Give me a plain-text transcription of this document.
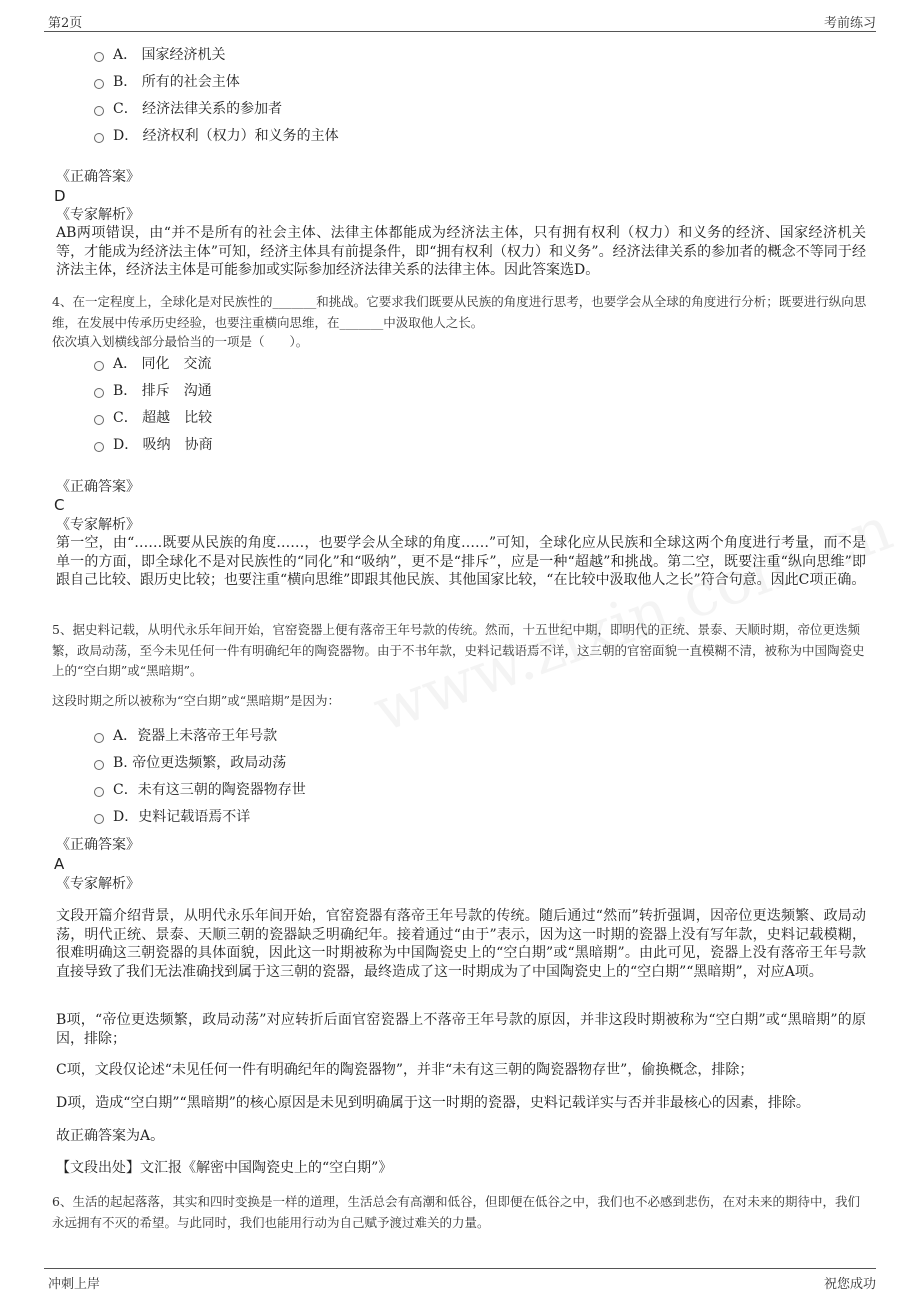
第2页	考前练习
A． 国家经济机关
B． 所有的社会主体
C． 经济法律关系的参加者
D． 经济权利（权力）和义务的主体
《正确答案》
D
《专家解析》
AB两项错误，由“并不是所有的社会主体、法律主体都能成为经济法主体，只有拥有权利（权力）和义务的经济、国家经济机关等，才能成为经济法主体”可知，经济主体具有前提条件，即“拥有权利（权力）和义务”。经济法律关系的参加者的概念不等同于经济法主体，经济法主体是可能参加或实际参加经济法律关系的法律主体。因此答案选D。
4、在一定程度上，全球化是对民族性的_______和挑战。它要求我们既要从民族的角度进行思考，也要学会从全球的角度进行分析；既要进行纵向思维，在发展中传承历史经验，也要注重横向思维，在_______中汲取他人之长。
依次填入划横线部分最恰当的一项是（　　）。
A． 同化　交流
B． 排斥　沟通
C． 超越　比较
D． 吸纳　协商
《正确答案》
C
《专家解析》
第一空，由“……既要从民族的角度……，也要学会从全球的角度……”可知，全球化应从民族和全球这两个角度进行考量，而不是单一的方面，即全球化不是对民族性的“同化”和“吸纳”，更不是“排斥”，应是一种“超越”和挑战。第二空，既要注重“纵向思维”即跟自己比较、跟历史比较；也要注重“横向思维”即跟其他民族、其他国家比较，“在比较中汲取他人之长”符合句意。因此C项正确。
5、据史料记载，从明代永乐年间开始，官窑瓷器上便有落帝王年号款的传统。然而，十五世纪中期，即明代的正统、景泰、天顺时期，帝位更迭频繁，政局动荡，至今未见任何一件有明确纪年的陶瓷器物。由于不书年款，史料记载语焉不详，这三朝的官窑面貌一直模糊不清，被称为中国陶瓷史上的“空白期”或“黑暗期”。
这段时期之所以被称为“空白期”或“黑暗期”是因为：
A．瓷器上未落帝王年号款
B. 帝位更迭频繁，政局动荡
C．未有这三朝的陶瓷器物存世
D．史料记载语焉不详
《正确答案》
A
《专家解析》
文段开篇介绍背景，从明代永乐年间开始，官窑瓷器有落帝王年号款的传统。随后通过“然而”转折强调，因帝位更迭频繁、政局动荡，明代正统、景泰、天顺三朝的瓷器缺乏明确纪年。接着通过“由于”表示，因为这一时期的瓷器上没有写年款，史料记载模糊，很难明确这三朝瓷器的具体面貌，因此这一时期被称为中国陶瓷史上的“空白期”或“黑暗期”。由此可见，瓷器上没有落帝王年号款直接导致了我们无法准确找到属于这三朝的瓷器，最终造成了这一时期成为了中国陶瓷史上的“空白期”“黑暗期”，对应A项。
B项，“帝位更迭频繁，政局动荡”对应转折后面官窑瓷器上不落帝王年号款的原因，并非这段时期被称为“空白期”或“黑暗期”的原因，排除；
C项，文段仅论述“未见任何一件有明确纪年的陶瓷器物”，并非“未有这三朝的陶瓷器物存世”，偷换概念，排除；
D项，造成“空白期”“黑暗期”的核心原因是未见到明确属于这一时期的瓷器，史料记载详实与否并非最核心的因素，排除。
故正确答案为A。
【文段出处】文汇报《解密中国陶瓷史上的“空白期”》
6、生活的起起落落，其实和四时变换是一样的道理，生活总会有高潮和低谷，但即便在低谷之中，我们也不必感到悲伤，在对未来的期待中，我们永远拥有不灭的希望。与此同时，我们也能用行动为自己赋予渡过难关的力量。
冲刺上岸	祝您成功
